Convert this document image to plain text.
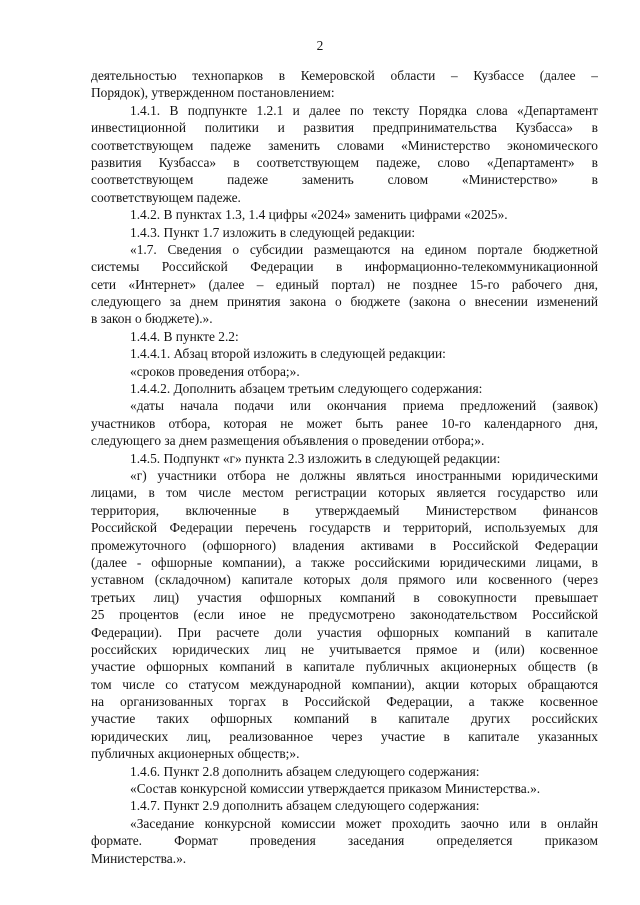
2
деятельностью технопарков в Кемеровской области – Кузбассе (далее –
Порядок), утвержденном постановлением:
1.4.1. В подпункте 1.2.1 и далее по тексту Порядка слова «Департамент
инвестиционной политики и развития предпринимательства Кузбасса» в
соответствующем падеже заменить словами «Министерство экономического
развития Кузбасса» в соответствующем падеже, слово «Департамент» в
соответствующем падеже заменить словом «Министерство» в
соответствующем падеже.
1.4.2. В пунктах 1.3, 1.4 цифры «2024» заменить цифрами «2025».
1.4.3. Пункт 1.7 изложить в следующей редакции:
«1.7. Сведения о субсидии размещаются на едином портале бюджетной
системы Российской Федерации в информационно-телекоммуникационной
сети «Интернет» (далее – единый портал) не позднее 15-го рабочего дня,
следующего за днем принятия закона о бюджете (закона о внесении изменений
в закон о бюджете).».
1.4.4. В пункте 2.2:
1.4.4.1. Абзац второй изложить в следующей редакции:
«сроков проведения отбора;».
1.4.4.2. Дополнить абзацем третьим следующего содержания:
«даты начала подачи или окончания приема предложений (заявок)
участников отбора, которая не может быть ранее 10-го календарного дня,
следующего за днем размещения объявления о проведении отбора;».
1.4.5. Подпункт «г» пункта 2.3 изложить в следующей редакции:
«г) участники отбора не должны являться иностранными юридическими
лицами, в том числе местом регистрации которых является государство или
территория, включенные в утверждаемый Министерством финансов
Российской Федерации перечень государств и территорий, используемых для
промежуточного (офшорного) владения активами в Российской Федерации
(далее - офшорные компании), а также российскими юридическими лицами, в
уставном (складочном) капитале которых доля прямого или косвенного (через
третьих лиц) участия офшорных компаний в совокупности превышает
25 процентов (если иное не предусмотрено законодательством Российской
Федерации). При расчете доли участия офшорных компаний в капитале
российских юридических лиц не учитывается прямое и (или) косвенное
участие офшорных компаний в капитале публичных акционерных обществ (в
том числе со статусом международной компании), акции которых обращаются
на организованных торгах в Российской Федерации, а также косвенное
участие таких офшорных компаний в капитале других российских
юридических лиц, реализованное через участие в капитале указанных
публичных акционерных обществ;».
1.4.6. Пункт 2.8 дополнить абзацем следующего содержания:
«Состав конкурсной комиссии утверждается приказом Министерства.».
1.4.7. Пункт 2.9 дополнить абзацем следующего содержания:
«Заседание конкурсной комиссии может проходить заочно или в онлайн
формате. Формат проведения заседания определяется приказом
Министерства.».
